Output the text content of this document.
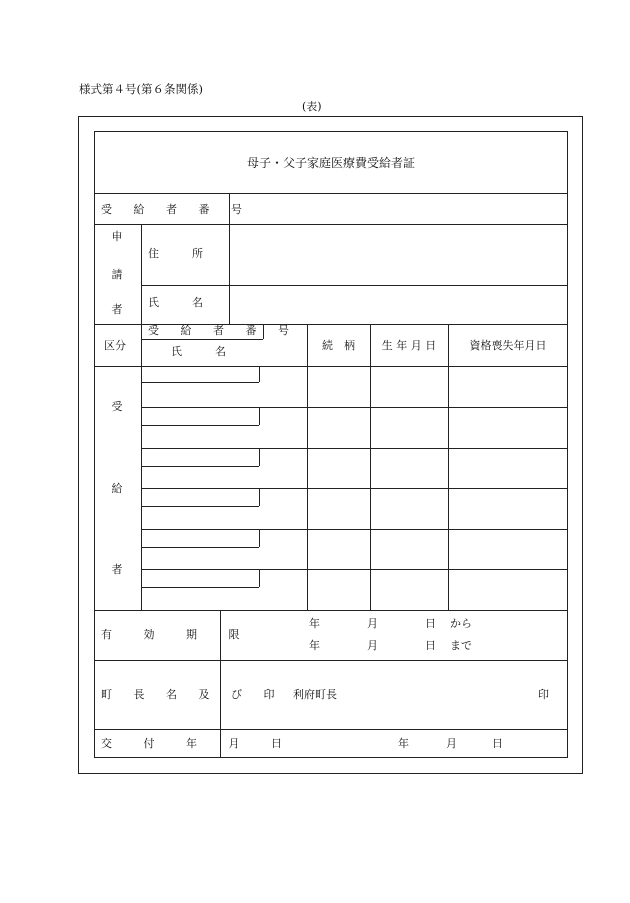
様式第４号(第６条関係)
(表)
母子・父子家庭医療費受給者証
受 給 者 番 号
申
請
者
住　　　所
氏　　　名
区分
受 給 者 番 号
氏　　　名	続　柄	生 年 月 日	資格喪失年月日
受
給
者
有 効 期 限
年	月	日 から
年	月	日 まで
町 長 名 及 び 印 利府町長	印
交 付 年 月 日	年	月	日
